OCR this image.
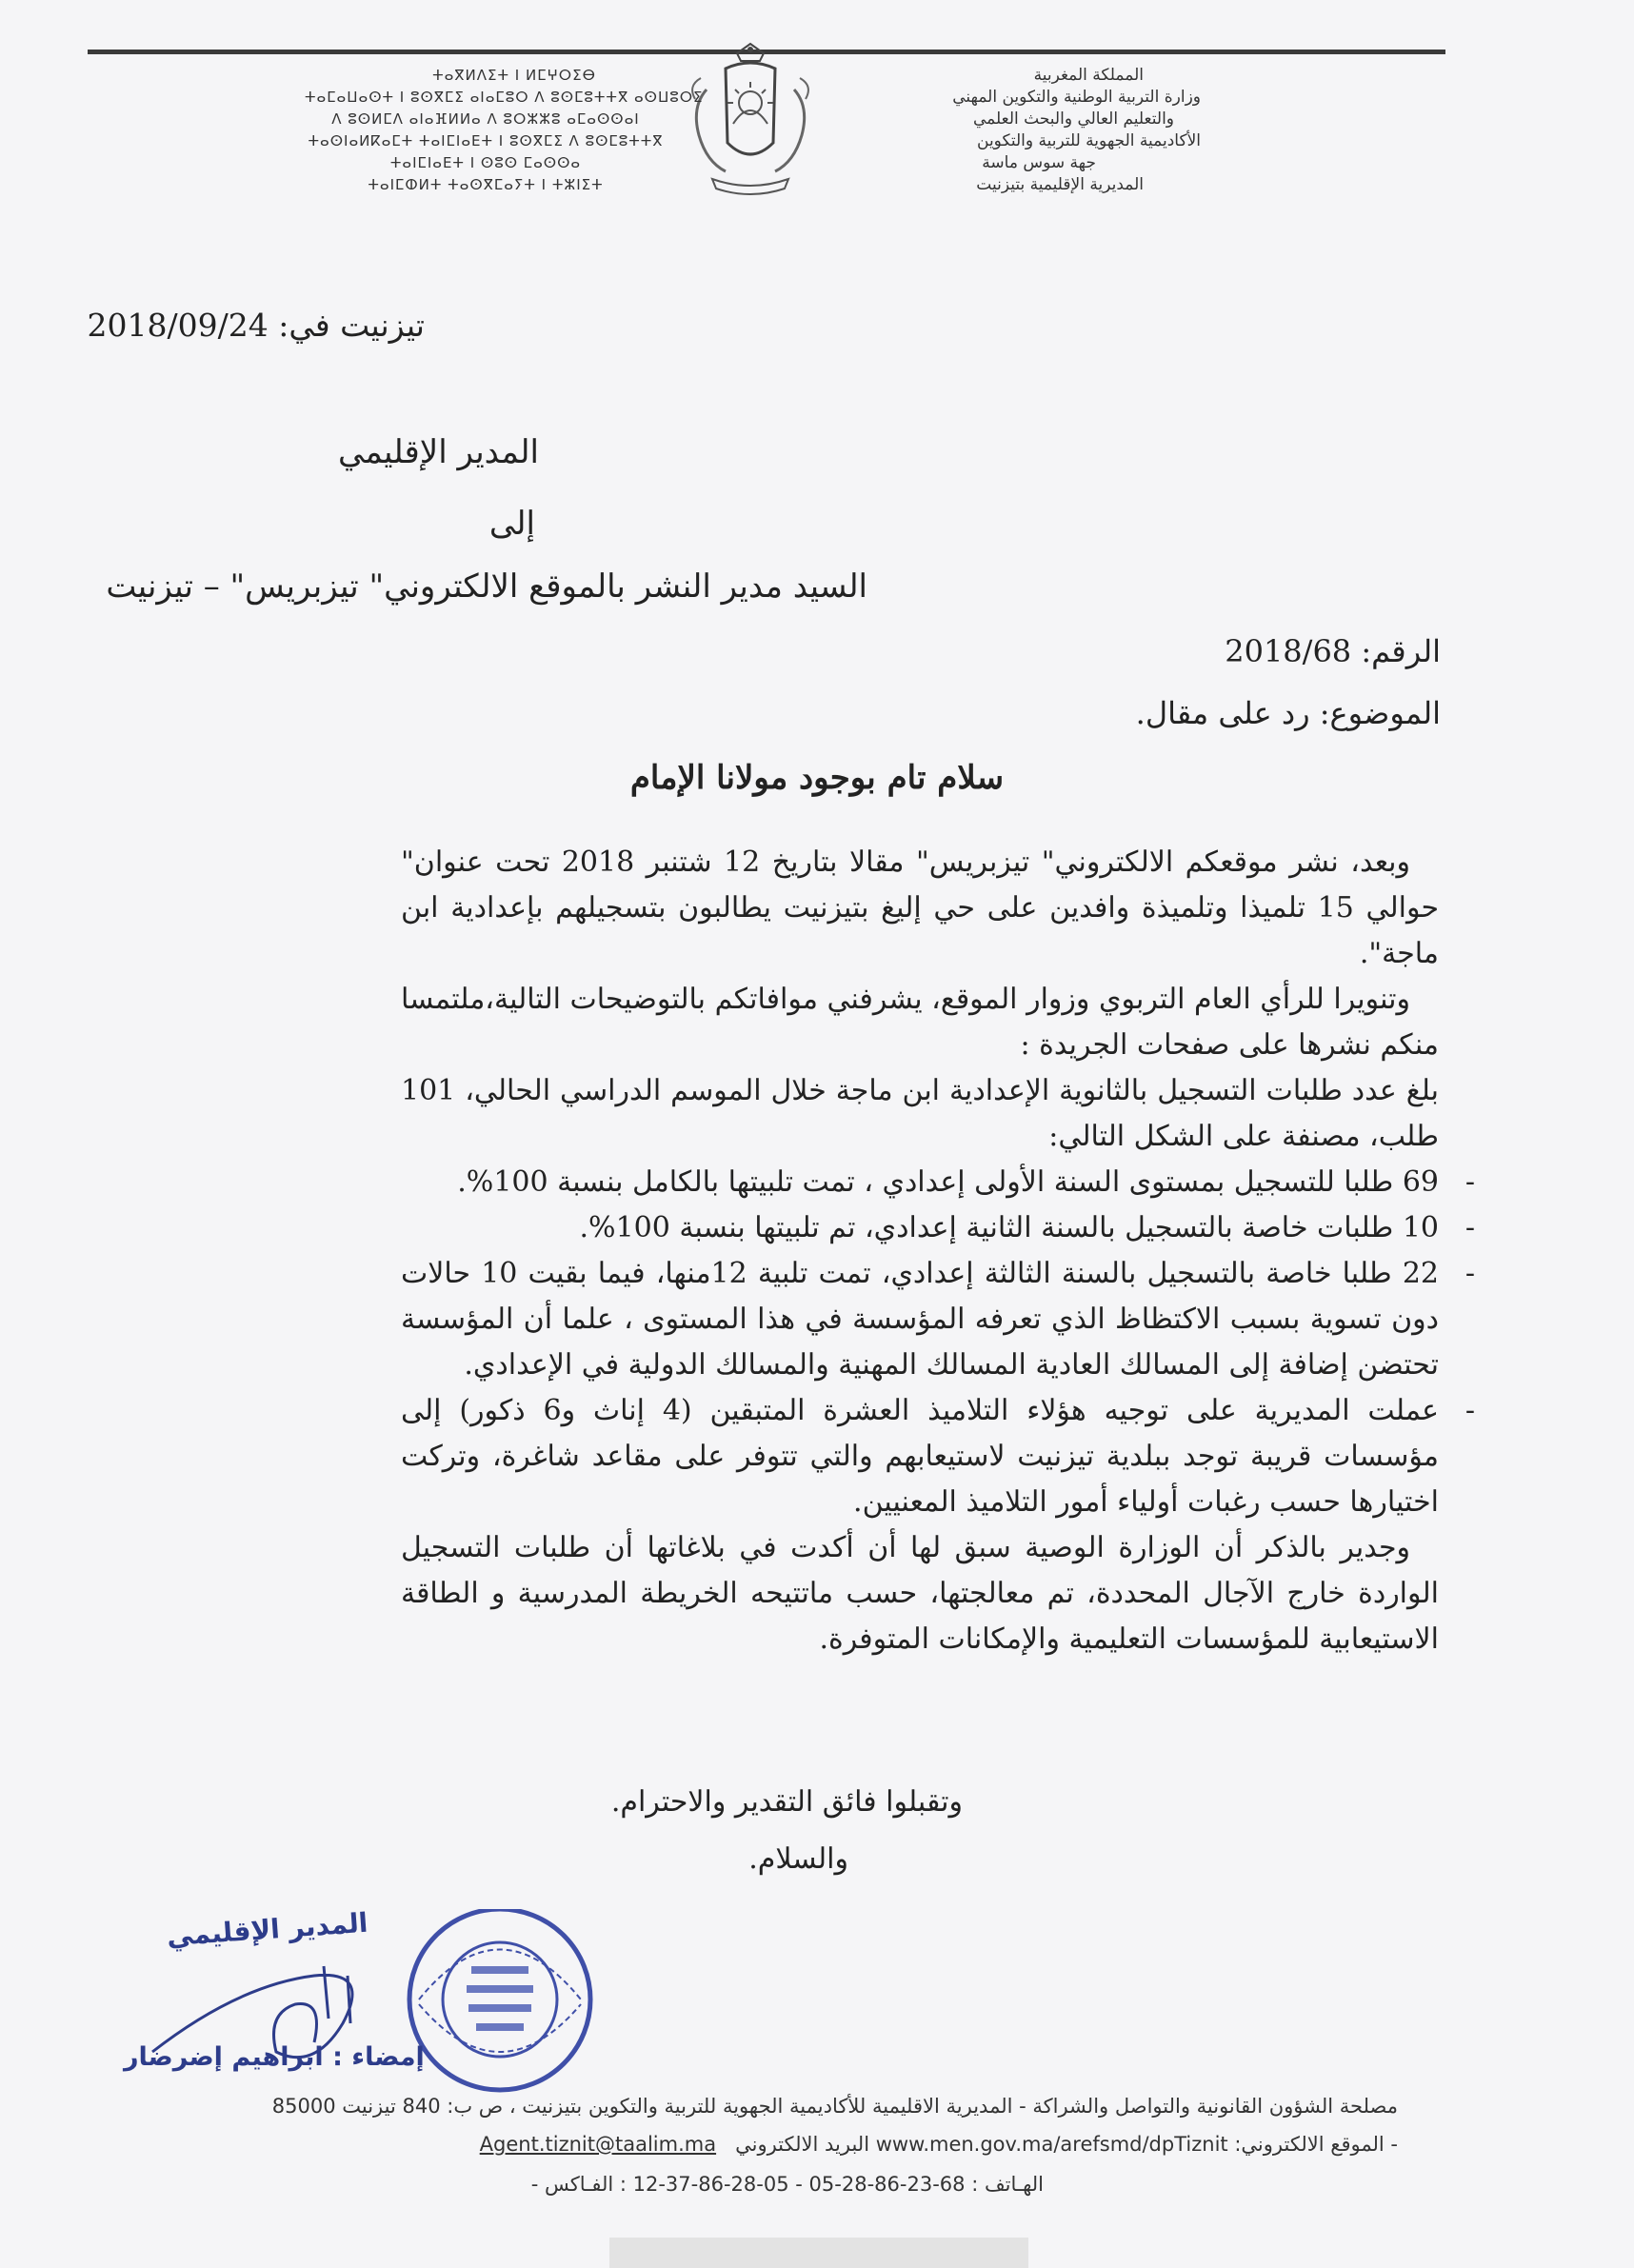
المملكة المغربية
وزارة التربية الوطنية والتكوين المهني
والتعليم العالي والبحث العلمي
الأكاديمية الجهوية للتربية والتكوين
جهة سوس ماسة
المديرية الإقليمية بتيزنيت
ⵜⴰⴳⵍⴷⵉⵜ ⵏ ⵍⵎⵖⵔⵉⴱ
ⵜⴰⵎⴰⵡⴰⵙⵜ ⵏ ⵓⵙⴳⵎⵉ ⴰⵏⴰⵎⵓⵔ ⴷ ⵓⵙⵎⵓⵜⵜⴳ ⴰⵙⵡⵓⵔⵉ
ⴷ ⵓⵙⵍⵎⴷ ⴰⵏⴰⴼⵍⵍⴰ ⴷ ⵓⵔⵣⵣⵓ ⴰⵎⴰⵙⵙⴰⵏ
ⵜⴰⵙⵏⴰⵍⴽⴰⵎⵜ ⵜⴰⵏⵎⵏⴰⴹⵜ ⵏ ⵓⵙⴳⵎⵉ ⴷ ⵓⵙⵎⵓⵜⵜⴳ
ⵜⴰⵏⵎⵏⴰⴹⵜ ⵏ ⵙⵓⵙ ⵎⴰⵙⵙⴰ
ⵜⴰⵏⵎⵀⵍⵜ ⵜⴰⵙⴳⵎⴰⵢⵜ ⵏ ⵜⵣⵏⵉⵜ
تيزنيت في: 2018/09/24
المدير الإقليمي
إلى
السيد مدير النشر بالموقع الالكتروني" تيزبريس" – تيزنيت
الرقم: 2018/68
الموضوع: رد على مقال.
سلام تام بوجود مولانا الإمام

وبعد، نشر موقعكم الالكتروني" تيزبريس" مقالا بتاريخ 12 شتنبر 2018 تحت عنوان" حوالي 15 تلميذا وتلميذة وافدين على حي إليغ بتيزنيت يطالبون بتسجيلهم بإعدادية ابن ماجة".

وتنويرا للرأي العام التربوي وزوار الموقع، يشرفني موافاتكم بالتوضيحات التالية،ملتمسا منكم نشرها على صفحات الجريدة :

بلغ عدد طلبات التسجيل بالثانوية الإعدادية ابن ماجة خلال الموسم الدراسي الحالي، 101 طلب، مصنفة على الشكل التالي:

- 69 طلبا للتسجيل بمستوى السنة الأولى إعدادي ، تمت تلبيتها بالكامل بنسبة 100%.
- 10 طلبات خاصة بالتسجيل بالسنة الثانية إعدادي، تم تلبيتها بنسبة 100%.
- 22 طلبا خاصة بالتسجيل بالسنة الثالثة إعدادي، تمت تلبية 12منها، فيما بقيت 10 حالات دون تسوية بسبب الاكتظاظ الذي تعرفه المؤسسة في هذا المستوى ، علما أن المؤسسة تحتضن إضافة إلى المسالك العادية المسالك المهنية والمسالك الدولية في الإعدادي.
- عملت المديرية على توجيه هؤلاء التلاميذ العشرة المتبقين (4 إناث و6 ذكور) إلى مؤسسات قريبة توجد ببلدية تيزنيت لاستيعابهم والتي تتوفر على مقاعد شاغرة، وتركت اختيارها حسب رغبات أولياء أمور التلاميذ المعنيين.

وجدير بالذكر أن الوزارة الوصية سبق لها أن أكدت في بلاغاتها أن طلبات التسجيل الواردة خارج الآجال المحددة، تم معالجتها، حسب ماتتيحه الخريطة المدرسية و الطاقة الاستيعابية للمؤسسات التعليمية والإمكانات المتوفرة.

وتقبلوا فائق التقدير والاحترام.
والسلام.
المدير الإقليمي
إمضاء : ابراهيم إضرضار
مصلحة الشؤون القانونية والتواصل والشراكة - المديرية الاقليمية للأكاديمية الجهوية للتربية والتكوين بتيزنيت ، ص ب: 840 تيزنيت 85000
- الموقع الالكتروني: www.men.gov.ma/arefsmd/dpTiznit البريد الالكتروني   Agent.tiznit@taalim.ma
الهـاتف : 68-23-86-28-05 - 05-28-86-37-12 : الفـاكس -
